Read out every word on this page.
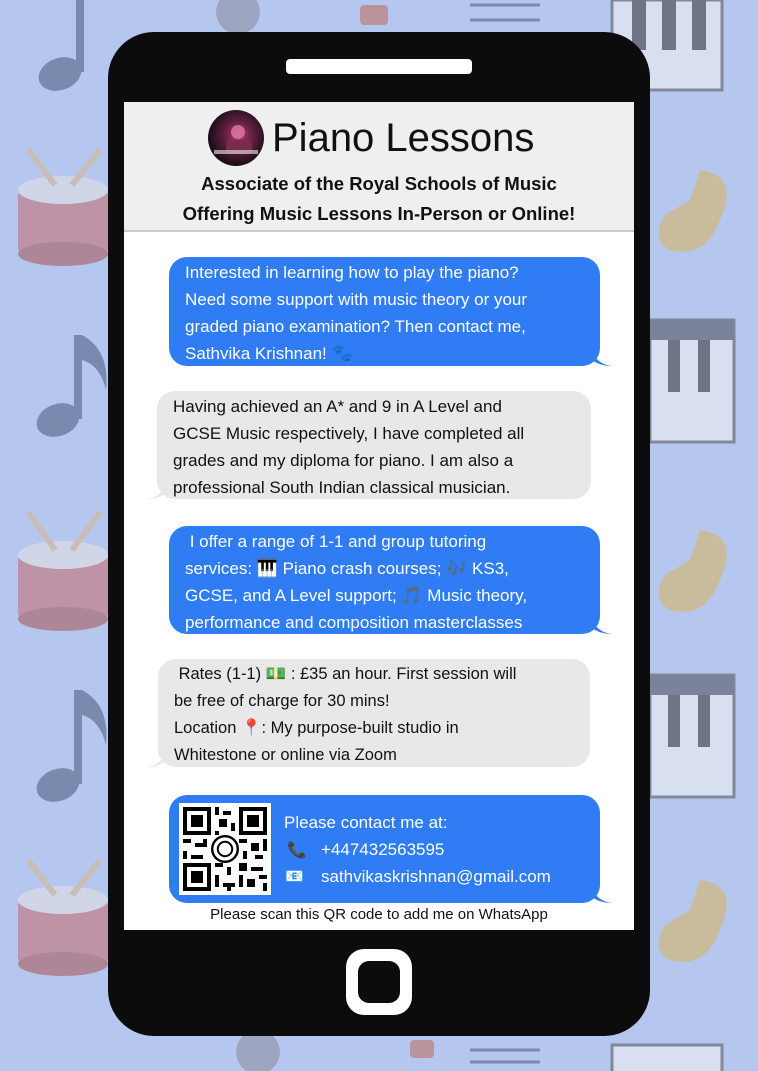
Piano Lessons
Associate of the Royal Schools of Music
Offering Music Lessons In-Person or Online!
Interested in learning how to play the piano?
Need some support with music theory or your
graded piano examination? Then contact me,
Sathvika Krishnan! 🐾
Having achieved an A* and 9 in A Level and
GCSE Music respectively, I have completed all
grades and my diploma for piano. I am also a
professional South Indian classical musician.
I offer a range of 1-1 and group tutoring
services: 🎹 Piano crash courses; 🎶 KS3,
GCSE, and A Level support; 🎵 Music theory,
performance and composition masterclasses
Rates (1-1) 💵 : £35 an hour. First session will
be free of charge for 30 mins!
Location 📍: My purpose-built studio in
Whitestone or online via Zoom
Please contact me at:
📞 +447432563595
📧 sathvikaskrishnan@gmail.com
Please scan this QR code to add me on WhatsApp
